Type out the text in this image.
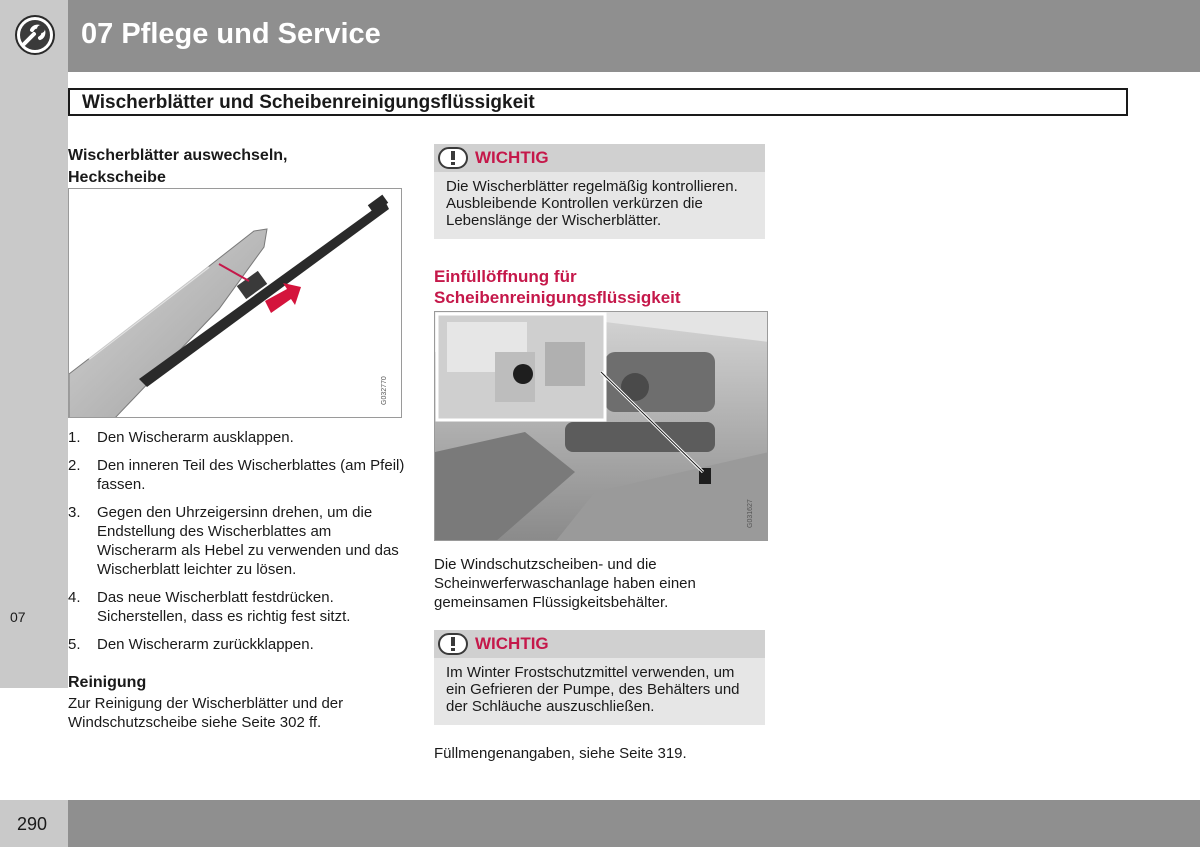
07 Pflege und Service
07
Wischerblätter und Scheibenreinigungsflüssigkeit
Wischerblätter auswechseln,
Heckscheibe
G032770
1. Den Wischerarm ausklappen.
2. Den inneren Teil des Wischerblattes (am Pfeil) fassen.
3. Gegen den Uhrzeigersinn drehen, um die Endstellung des Wischerblattes am Wischerarm als Hebel zu verwenden und das Wischerblatt leichter zu lösen.
4. Das neue Wischerblatt festdrücken. Sicherstellen, dass es richtig fest sitzt.
5. Den Wischerarm zurückklappen.
Reinigung
Zur Reinigung der Wischerblätter und der Windschutzscheibe siehe Seite 302 ff.
WICHTIG
Die Wischerblätter regelmäßig kontrollieren. Ausbleibende Kontrollen verkürzen die Lebenslänge der Wischerblätter.
Einfüllöffnung für
Scheibenreinigungsflüssigkeit
G031627
Die Windschutzscheiben- und die Scheinwerferwaschanlage haben einen gemeinsamen Flüssigkeitsbehälter.
WICHTIG
Im Winter Frostschutzmittel verwenden, um ein Gefrieren der Pumpe, des Behälters und der Schläuche auszuschließen.
Füllmengenangaben, siehe Seite 319.
290
